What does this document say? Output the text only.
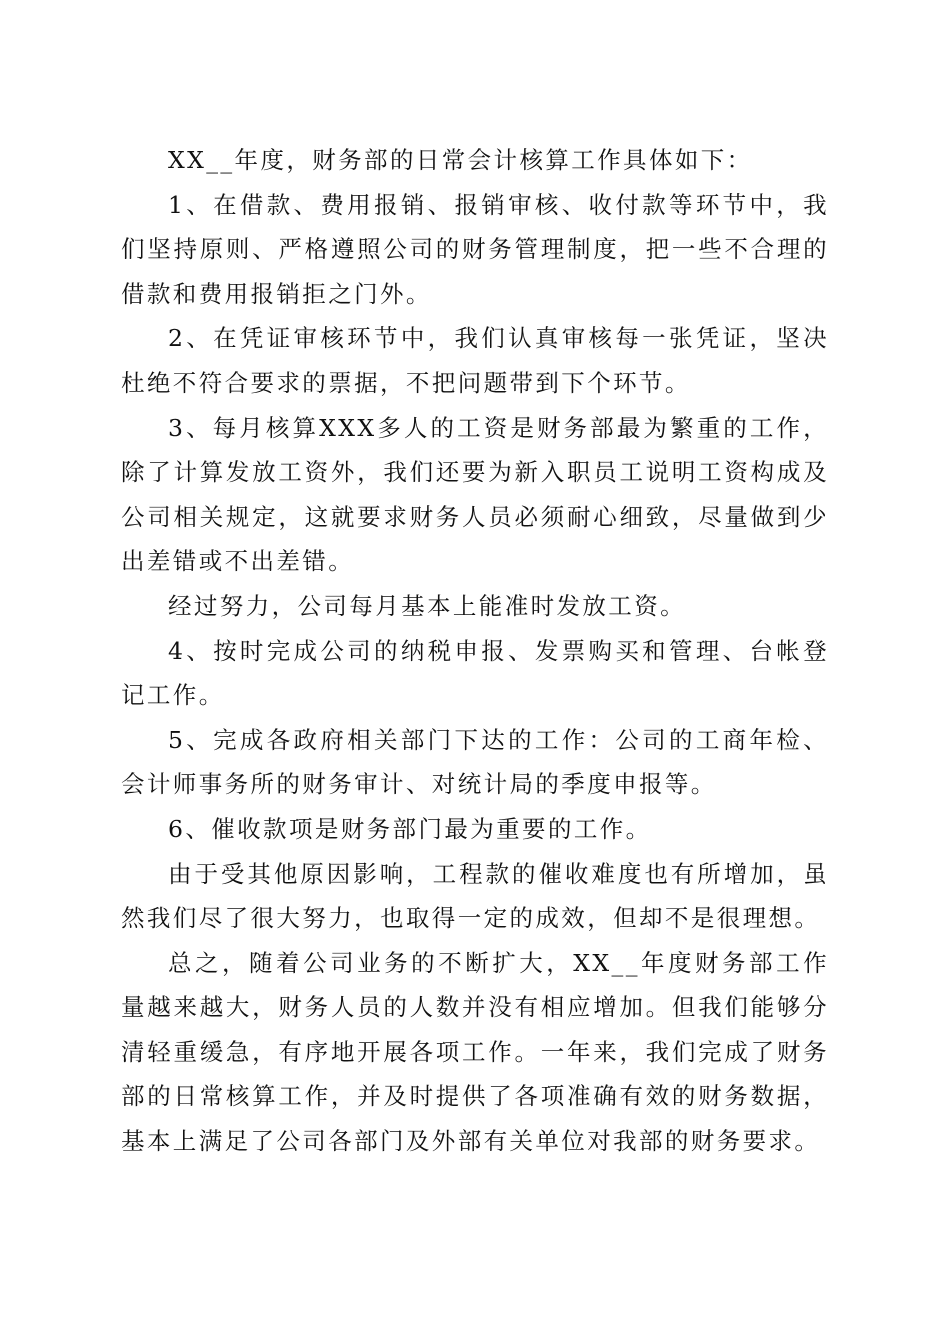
XX__年度，财务部的日常会计核算工作具体如下：

1、在借款、费用报销、报销审核、收付款等环节中，我们坚持原则、严格遵照公司的财务管理制度，把一些不合理的借款和费用报销拒之门外。

2、在凭证审核环节中，我们认真审核每一张凭证，坚决杜绝不符合要求的票据，不把问题带到下个环节。

3、每月核算XXX多人的工资是财务部最为繁重的工作，除了计算发放工资外，我们还要为新入职员工说明工资构成及公司相关规定，这就要求财务人员必须耐心细致，尽量做到少出差错或不出差错。

经过努力，公司每月基本上能准时发放工资。

4、按时完成公司的纳税申报、发票购买和管理、台帐登记工作。

5、完成各政府相关部门下达的工作：公司的工商年检、会计师事务所的财务审计、对统计局的季度申报等。

6、催收款项是财务部门最为重要的工作。

由于受其他原因影响，工程款的催收难度也有所增加，虽然我们尽了很大努力，也取得一定的成效，但却不是很理想。

总之，随着公司业务的不断扩大，XX__年度财务部工作量越来越大，财务人员的人数并没有相应增加。但我们能够分清轻重缓急，有序地开展各项工作。一年来，我们完成了财务部的日常核算工作，并及时提供了各项准确有效的财务数据，基本上满足了公司各部门及外部有关单位对我部的财务要求。
